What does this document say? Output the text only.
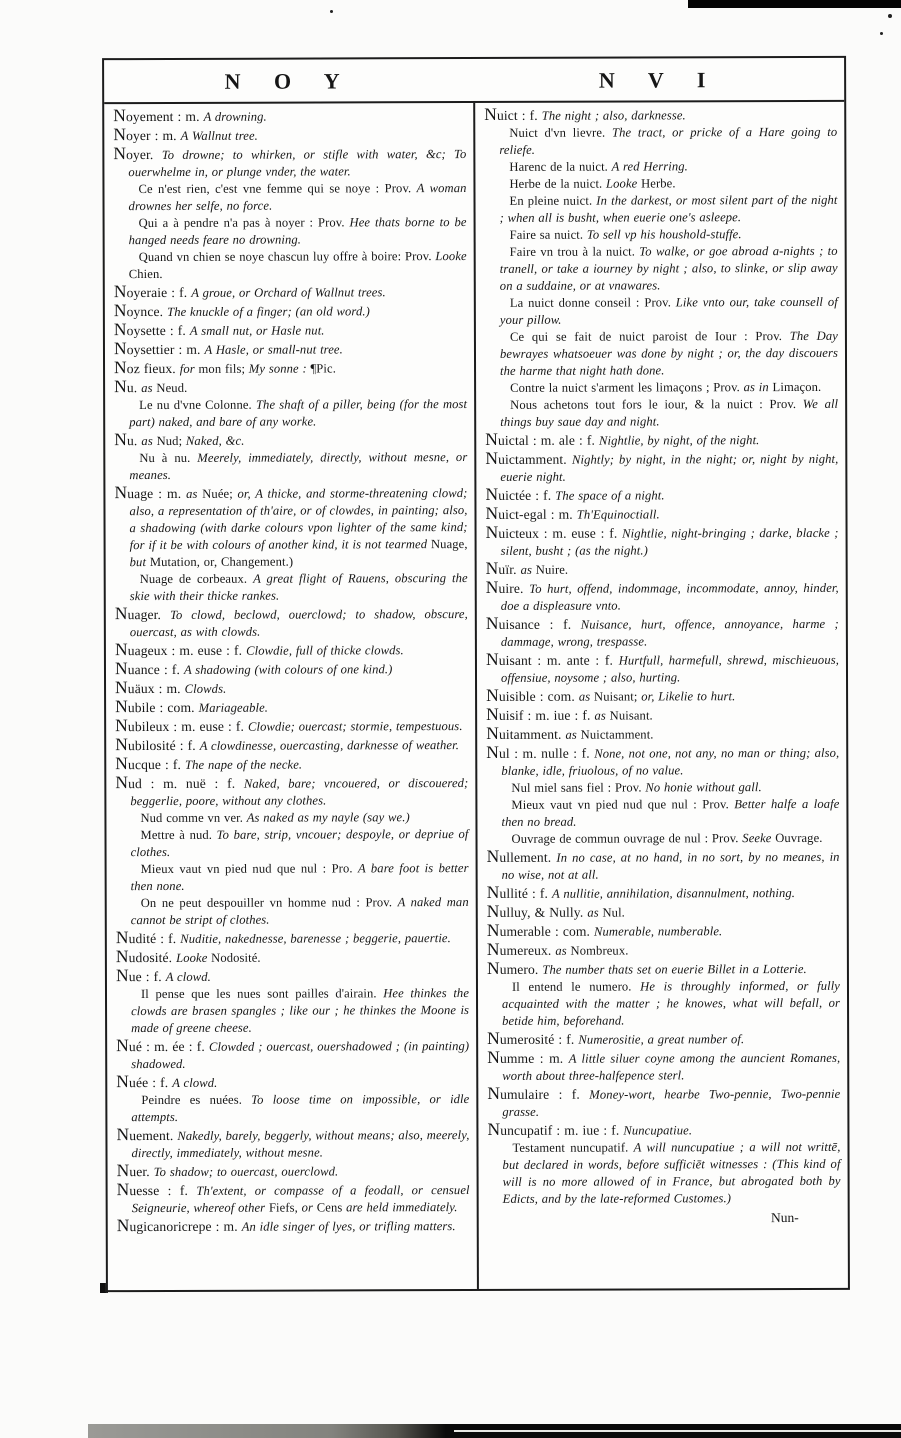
N O Y	N V I

Noyement : m. A drowning.

Noyer : m. A Wallnut tree.

Noyer. To drowne; to whirken, or stifle with water, &c; To ouerwhelme in, or plunge vnder, the water.

Ce n'est rien, c'est vne femme qui se noye : Prov. A woman drownes her selfe, no force.

Qui a à pendre n'a pas à noyer : Prov. Hee thats borne to be hanged needs feare no drowning.

Quand vn chien se noye chascun luy offre à boire: Prov. Looke Chien.

Noyeraie : f. A groue, or Orchard of Wallnut trees.

Noynce. The knuckle of a finger; (an old word.)

Noysette : f. A small nut, or Hasle nut.

Noysettier : m. A Hasle, or small-nut tree.

Noz fieux. for mon fils; My sonne : ¶Pic.

Nu. as Neud.

Le nu d'vne Colonne. The shaft of a piller, being (for the most part) naked, and bare of any worke.

Nu. as Nud; Naked, &c.

Nu à nu. Meerely, immediately, directly, without mesne, or meanes.

Nuage : m. as Nuée; or, A thicke, and storme-threatening clowd; also, a representation of th'aire, or of clowdes, in painting; also, a shadowing (with darke colours vpon lighter of the same kind; for if it be with colours of another kind, it is not tearmed Nuage, but Mutation, or, Changement.)

Nuage de corbeaux. A great flight of Rauens, obscuring the skie with their thicke rankes.

Nuager. To clowd, beclowd, ouerclowd; to shadow, obscure, ouercast, as with clowds.

Nuageux : m. euse : f. Clowdie, full of thicke clowds.

Nuance : f. A shadowing (with colours of one kind.)

Nuäux : m. Clowds.

Nubile : com. Mariageable.

Nubileux : m. euse : f. Clowdie; ouercast; stormie, tempestuous.

Nubilosité : f. A clowdinesse, ouercasting, darknesse of weather.

Nucque : f. The nape of the necke.

Nud : m. nuë : f. Naked, bare; vncouered, or discouered; beggerlie, poore, without any clothes.

Nud comme vn ver. As naked as my nayle (say we.)

Mettre à nud. To bare, strip, vncouer; despoyle, or depriue of clothes.

Mieux vaut vn pied nud que nul : Pro. A bare foot is better then none.

On ne peut despouiller vn homme nud : Prov. A naked man cannot be stript of clothes.

Nudité : f. Nuditie, nakednesse, barenesse ; beggerie, pauertie.

Nudosité. Looke Nodosité.

Nue : f. A clowd.

Il pense que les nues sont pailles d'airain. Hee thinkes the clowds are brasen spangles ; like our ; he thinkes the Moone is made of greene cheese.

Nué : m. ée : f. Clowded ; ouercast, ouershadowed ; (in painting) shadowed.

Nuée : f. A clowd.

Peindre es nuées. To loose time on impossible, or idle attempts.

Nuement. Nakedly, barely, beggerly, without means; also, meerely, directly, immediately, without mesne.

Nuer. To shadow; to ouercast, ouerclowd.

Nuesse : f. Th'extent, or compasse of a feodall, or censuel Seigneurie, whereof other Fiefs, or Cens are held immediately.

Nugicanoricrepe : m. An idle singer of lyes, or trifling matters.

Nuict : f. The night ; also, darknesse.

Nuict d'vn lievre. The tract, or pricke of a Hare going to reliefe.

Harenc de la nuict. A red Herring.

Herbe de la nuict. Looke Herbe.

En pleine nuict. In the darkest, or most silent part of the night ; when all is busht, when euerie one's asleepe.

Faire sa nuict. To sell vp his houshold-stuffe.

Faire vn trou à la nuict. To walke, or goe abroad a-nights ; to tranell, or take a iourney by night ; also, to slinke, or slip away on a suddaine, or at vnawares.

La nuict donne conseil : Prov. Like vnto our, take counsell of your pillow.

Ce qui se fait de nuict paroist de Iour : Prov. The Day bewrayes whatsoeuer was done by night ; or, the day discouers the harme that night hath done.

Contre la nuict s'arment les limaçons ; Prov. as in Limaçon.

Nous achetons tout fors le iour, & la nuict : Prov. We all things buy saue day and night.

Nuictal : m. ale : f. Nightlie, by night, of the night.

Nuictamment. Nightly; by night, in the night; or, night by night, euerie night.

Nuictée : f. The space of a night.

Nuict-egal : m. Th'Equinoctiall.

Nuicteux : m. euse : f. Nightlie, night-bringing ; darke, blacke ; silent, busht ; (as the night.)

Nuïr. as Nuire.

Nuire. To hurt, offend, indommage, incommodate, annoy, hinder, doe a displeasure vnto.

Nuisance : f. Nuisance, hurt, offence, annoyance, harme ; dammage, wrong, trespasse.

Nuisant : m. ante : f. Hurtfull, harmefull, shrewd, mischieuous, offensiue, noysome ; also, hurting.

Nuisible : com. as Nuisant; or, Likelie to hurt.

Nuisif : m. iue : f. as Nuisant.

Nuitamment. as Nuictamment.

Nul : m. nulle : f. None, not one, not any, no man or thing; also, blanke, idle, friuolous, of no value.

Nul miel sans fiel : Prov. No honie without gall.

Mieux vaut vn pied nud que nul : Prov. Better halfe a loafe then no bread.

Ouvrage de commun ouvrage de nul : Prov. Seeke Ouvrage.

Nullement. In no case, at no hand, in no sort, by no meanes, in no wise, not at all.

Nullité : f. A nullitie, annihilation, disannulment, nothing.

Nulluy, & Nully. as Nul.

Numerable : com. Numerable, numberable.

Numereux. as Nombreux.

Numero. The number thats set on euerie Billet in a Lotterie.

Il entend le numero. He is throughly informed, or fully acquainted with the matter ; he knowes, what will befall, or betide him, beforehand.

Numerosité : f. Numerositie, a great number of.

Numme : m. A little siluer coyne among the auncient Romanes, worth about three-halfepence sterl.

Numulaire : f. Money-wort, hearbe Two-pennie, Two-pennie grasse.

Nuncupatif : m. iue : f. Nuncupatiue.

Testament nuncupatif. A will nuncupatiue ; a will not writtē, but declared in words, before sufficiēt witnesses : (This kind of will is no more allowed of in France, but abrogated both by Edicts, and by the late-reformed Customes.)

Nun-
